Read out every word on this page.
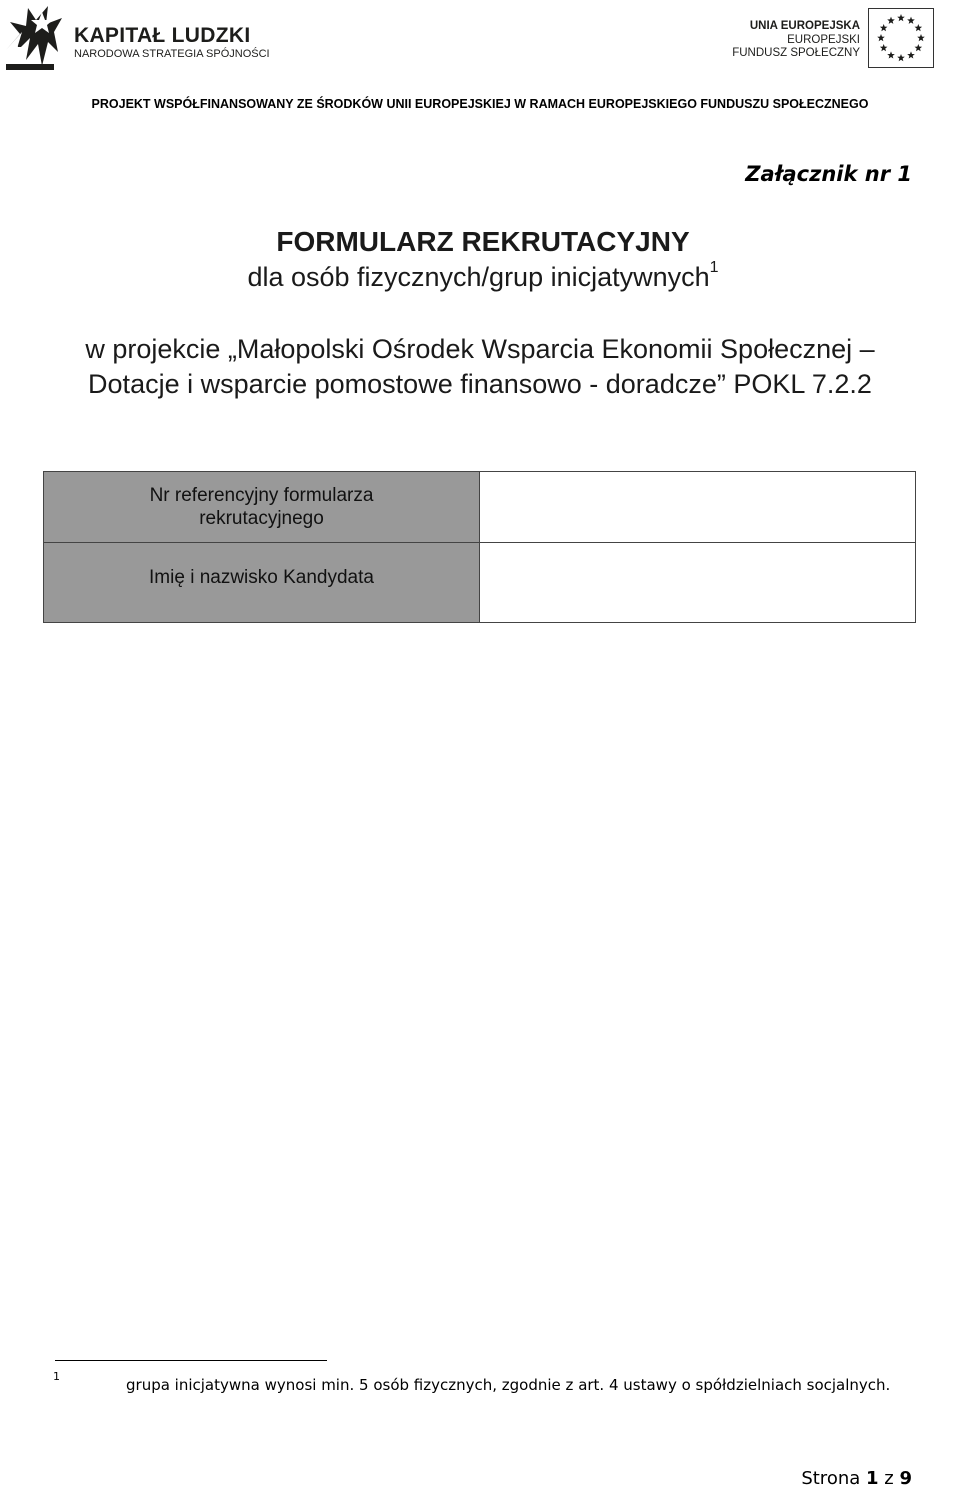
KAPITAŁ LUDZKI
NARODOWA STRATEGIA SPÓJNOŚCI
UNIA EUROPEJSKA
EUROPEJSKI
FUNDUSZ SPOŁECZNY
PROJEKT WSPÓŁFINANSOWANY ZE ŚRODKÓW UNII EUROPEJSKIEJ W RAMACH EUROPEJSKIEGO FUNDUSZU SPOŁECZNEGO
Załącznik nr 1
FORMULARZ REKRUTACYJNY
dla osób fizycznych/grup inicjatywnych$^1$
w projekcie „Małopolski Ośrodek Wsparcia Ekonomii Społecznej – Dotacje i wsparcie pomostowe finansowo - doradcze” POKL 7.2.2
Nr referencyjny formularza
rekrutacyjnego	

Imię i nazwisko Kandydata	

1	grupa inicjatywna wynosi min. 5 osób fizycznych, zgodnie z art. 4 ustawy o spółdzielniach socjalnych.
Strona 1 z 9
